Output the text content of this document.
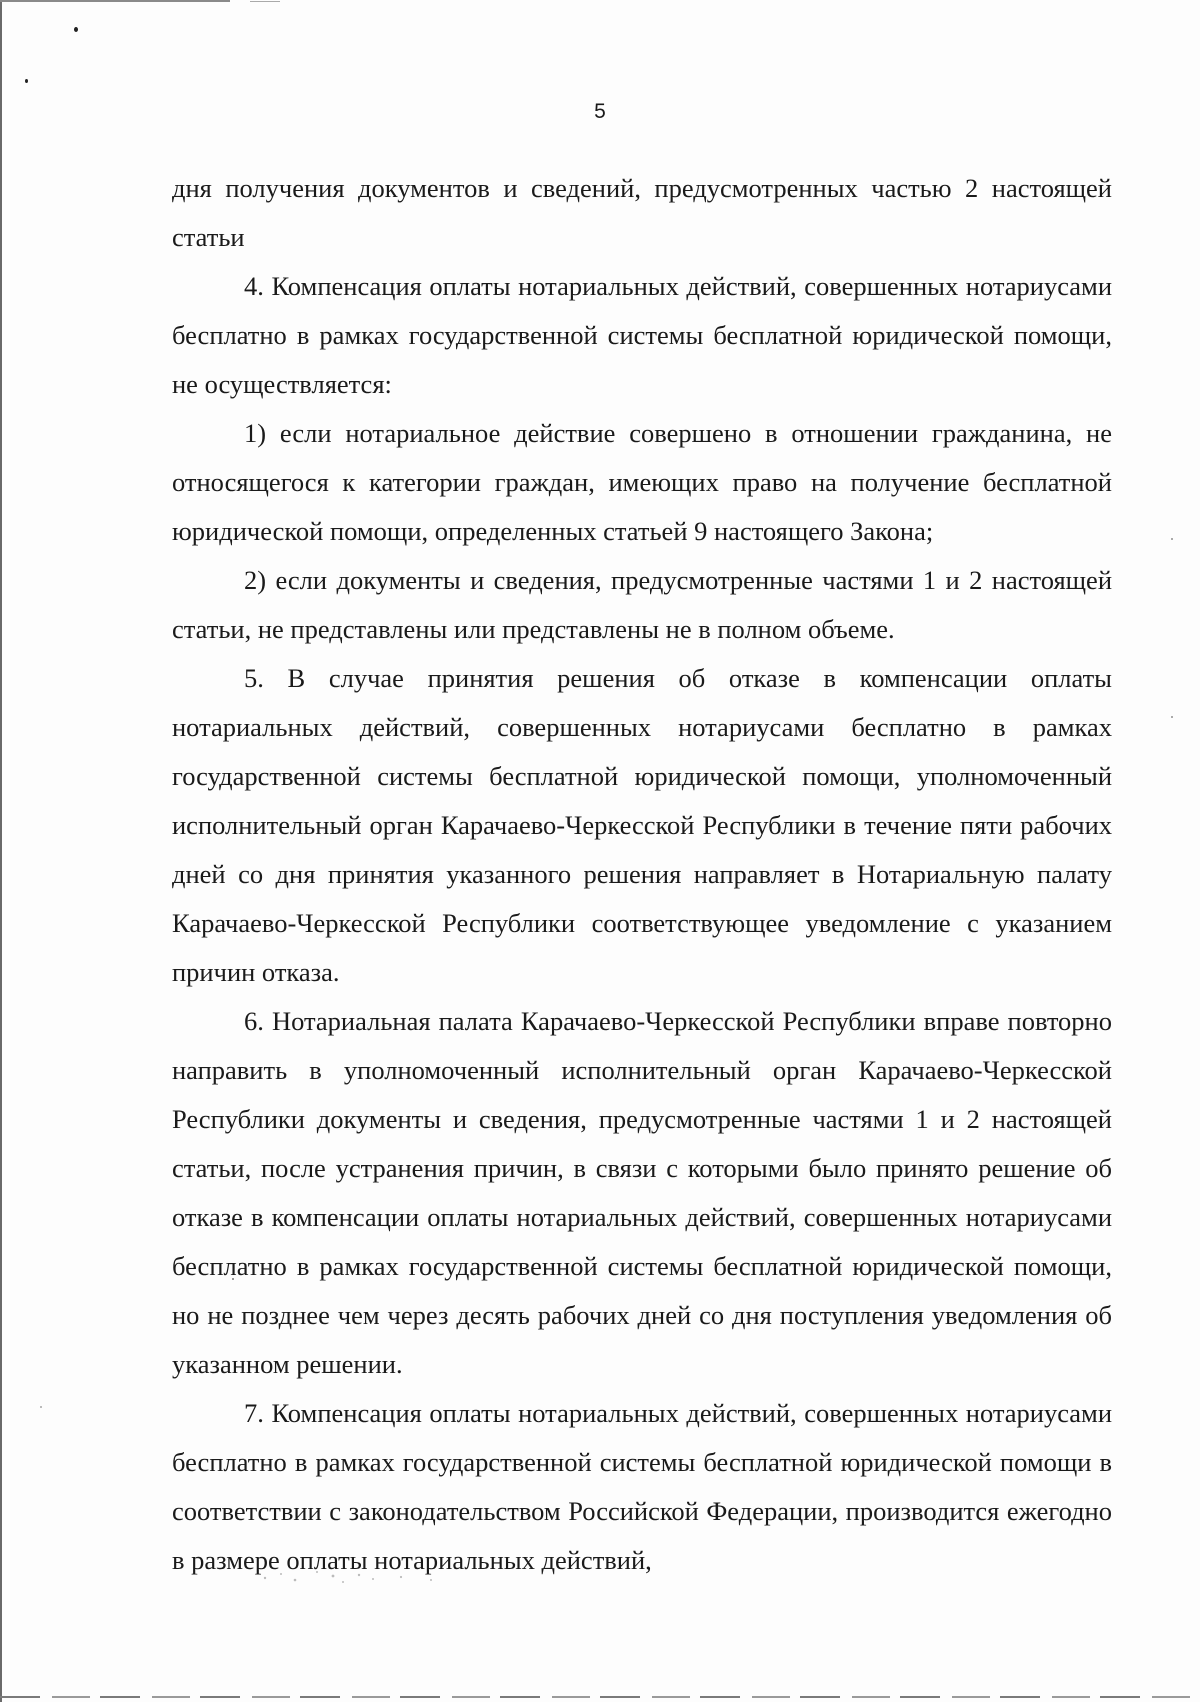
5

дня получения документов и сведений, предусмотренных частью 2 настоящей статьи

4. Компенсация оплаты нотариальных действий, совершенных нотариусами бесплатно в рамках государственной системы бесплатной юридической помощи, не осуществляется:

1) если нотариальное действие совершено в отношении гражданина, не относящегося к категории граждан, имеющих право на получение бесплатной юридической помощи, определенных статьей 9 настоящего Закона;

2) если документы и сведения, предусмотренные частями 1 и 2 настоящей статьи, не представлены или представлены не в полном объеме.

5. В случае принятия решения об отказе в компенсации оплаты нотариальных действий, совершенных нотариусами бесплатно в рамках государственной системы бесплатной юридической помощи, уполномоченный исполнительный орган Карачаево-Черкесской Республики в течение пяти рабочих дней со дня принятия указанного решения направляет в Нотариальную палату Карачаево-Черкесской Республики соответствующее уведомление с указанием причин отказа.

6. Нотариальная палата Карачаево-Черкесской Республики вправе повторно направить в уполномоченный исполнительный орган Карачаево-Черкесской Республики документы и сведения, предусмотренные частями 1 и 2 настоящей статьи, после устранения причин, в связи с которыми было принято решение об отказе в компенсации оплаты нотариальных действий, совершенных нотариусами бесплатно в рамках государственной системы бесплатной юридической помощи, но не позднее чем через десять рабочих дней со дня поступления уведомления об указанном решении.

7. Компенсация оплаты нотариальных действий, совершенных нотариусами бесплатно в рамках государственной системы бесплатной юридической помощи в соответствии с законодательством Российской Федерации, производится ежегодно в размере оплаты нотариальных действий,
